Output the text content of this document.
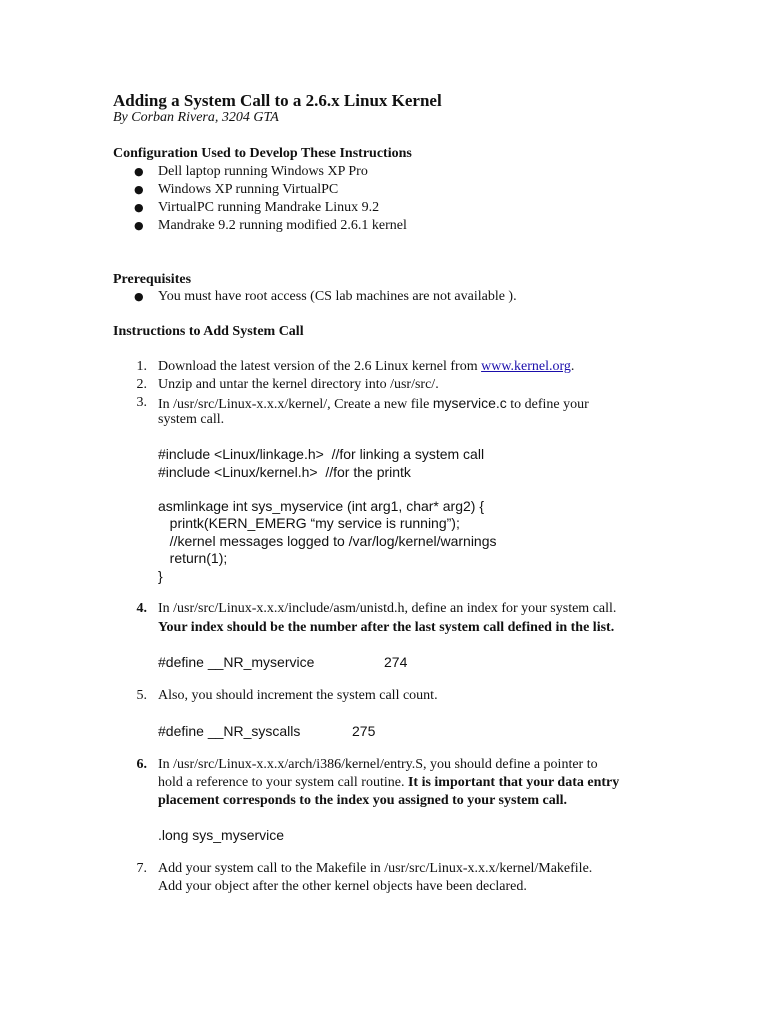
Adding a System Call to a 2.6.x Linux Kernel
By Corban Rivera, 3204 GTA
Configuration Used to Develop These Instructions
● Dell laptop running Windows XP Pro
● Windows XP running VirtualPC
● VirtualPC running Mandrake Linux 9.2
● Mandrake 9.2 running modified 2.6.1 kernel
Prerequisites
● You must have root access (CS lab machines are not available ).
Instructions to Add System Call
1. Download the latest version of the 2.6 Linux kernel from www.kernel.org.
2. Unzip and untar the kernel directory into /usr/src/.
3. In /usr/src/Linux-x.x.x/kernel/, Create a new file myservice.c to define your
system call.
#include <Linux/linkage.h>  //for linking a system call
#include <Linux/kernel.h>  //for the printk
asmlinkage int sys_myservice (int arg1, char* arg2) {
printk(KERN_EMERG “my service is running”);
//kernel messages logged to /var/log/kernel/warnings
return(1);
}
4. In /usr/src/Linux-x.x.x/include/asm/unistd.h, define an index for your system call.
Your index should be the number after the last system call defined in the list.
#define __NR_myservice	274
5. Also, you should increment the system call count.
#define __NR_syscalls	275
6. In /usr/src/Linux-x.x.x/arch/i386/kernel/entry.S, you should define a pointer to
hold a reference to your system call routine. It is important that your data entry
placement corresponds to the index you assigned to your system call.
.long sys_myservice
7. Add your system call to the Makefile in /usr/src/Linux-x.x.x/kernel/Makefile.
Add your object after the other kernel objects have been declared.
